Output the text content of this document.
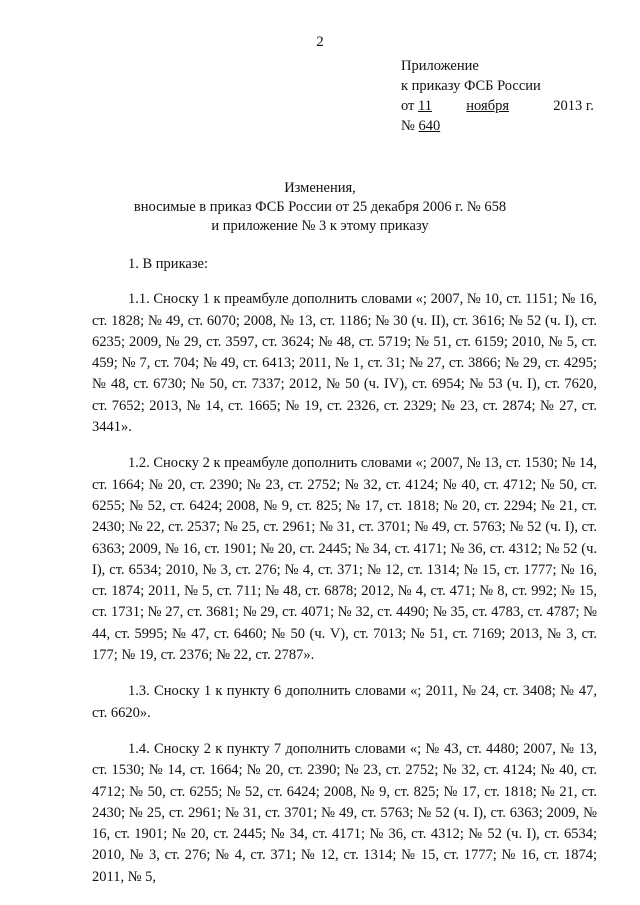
2
Приложение
к приказу ФСБ России
от 11 ноября	2013 г.
№ 640
Изменения,
вносимые в приказ ФСБ России от 25 декабря 2006 г. № 658
и приложение № 3 к этому приказу

1. В приказе:

1.1. Сноску 1 к преамбуле дополнить словами «; 2007, № 10, ст. 1151; № 16, ст. 1828; № 49, ст. 6070; 2008, № 13, ст. 1186; № 30 (ч. II), ст. 3616; № 52 (ч. I), ст. 6235; 2009, № 29, ст. 3597, ст. 3624; № 48, ст. 5719; № 51, ст. 6159; 2010, № 5, ст. 459; № 7, ст. 704; № 49, ст. 6413; 2011, № 1, ст. 31; № 27, ст. 3866; № 29, ст. 4295; № 48, ст. 6730; № 50, ст. 7337; 2012, № 50 (ч. IV), ст. 6954; № 53 (ч. I), ст. 7620, ст. 7652; 2013, № 14, ст. 1665; № 19, ст. 2326, ст. 2329; № 23, ст. 2874; № 27, ст. 3441».

1.2. Сноску 2 к преамбуле дополнить словами «; 2007, № 13, ст. 1530; № 14, ст. 1664; № 20, ст. 2390; № 23, ст. 2752; № 32, ст. 4124; № 40, ст. 4712; № 50, ст. 6255; № 52, ст. 6424; 2008, № 9, ст. 825; № 17, ст. 1818; № 20, ст. 2294; № 21, ст. 2430; № 22, ст. 2537; № 25, ст. 2961; № 31, ст. 3701; № 49, ст. 5763; № 52 (ч. I), ст. 6363; 2009, № 16, ст. 1901; № 20, ст. 2445; № 34, ст. 4171; № 36, ст. 4312; № 52 (ч. I), ст. 6534; 2010, № 3, ст. 276; № 4, ст. 371; № 12, ст. 1314; № 15, ст. 1777; № 16, ст. 1874; 2011, № 5, ст. 711; № 48, ст. 6878; 2012, № 4, ст. 471; № 8, ст. 992; № 15, ст. 1731; № 27, ст. 3681; № 29, ст. 4071; № 32, ст. 4490; № 35, ст. 4783, ст. 4787; № 44, ст. 5995; № 47, ст. 6460; № 50 (ч. V), ст. 7013; № 51, ст. 7169; 2013, № 3, ст. 177; № 19, ст. 2376; № 22, ст. 2787».

1.3. Сноску 1 к пункту 6 дополнить словами «; 2011, № 24, ст. 3408; № 47, ст. 6620».

1.4. Сноску 2 к пункту 7 дополнить словами «; № 43, ст. 4480; 2007, № 13, ст. 1530; № 14, ст. 1664; № 20, ст. 2390; № 23, ст. 2752; № 32, ст. 4124; № 40, ст. 4712; № 50, ст. 6255; № 52, ст. 6424; 2008, № 9, ст. 825; № 17, ст. 1818; № 21, ст. 2430; № 25, ст. 2961; № 31, ст. 3701; № 49, ст. 5763; № 52 (ч. I), ст. 6363; 2009, № 16, ст. 1901; № 20, ст. 2445; № 34, ст. 4171; № 36, ст. 4312; № 52 (ч. I), ст. 6534; 2010, № 3, ст. 276; № 4, ст. 371; № 12, ст. 1314; № 15, ст. 1777; № 16, ст. 1874; 2011, № 5,
